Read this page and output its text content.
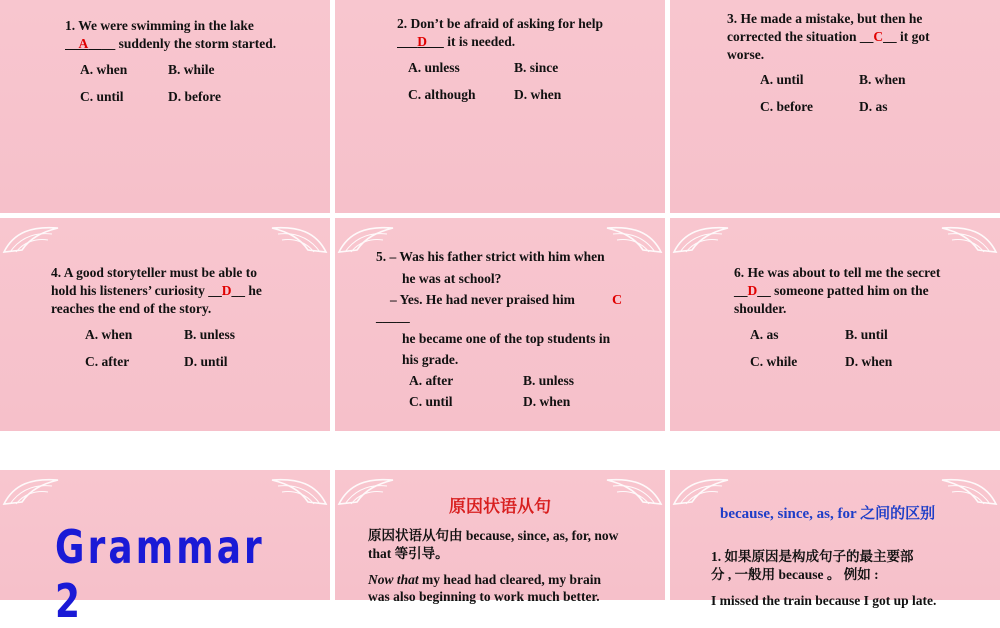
1. We were swimming in the lake
A __ suddenly the storm started.
A. when	B. while
C. until	D. before
2. Don’t be afraid of asking for help
D      it is needed.
A. unless	B. since
C. although	D. when
3. He made a mistake, but then he
corrected the situation __C__ it got
worse.
A. until	B. when
C. before	D. as
4. A good storyteller must be able to
hold his listeners’ curiosity __D__ he
reaches the end of the story.
A. when	B. unless
C. after	D. until
5. – Was his father strict with him when
he was at school?
– Yes. He had never praised him	C
_____
he became one of the top students in
his grade.
A. after	B. unless
C. until	D. when
6. He was about to tell me the secret
__D__ someone patted him on the
shoulder.
A. as	B. until
C. while	D. when
Grammar 2
原因状语从句
原因状语从句由 because, since, as, for, now
that 等引导。
Now that my head had cleared, my brain
was also beginning to work much better.
because, since, as, for 之间的区别
1. 如果原因是构成句子的最主要部
分 , 一般用 because 。 例如 :
I missed the train because I got up late.
